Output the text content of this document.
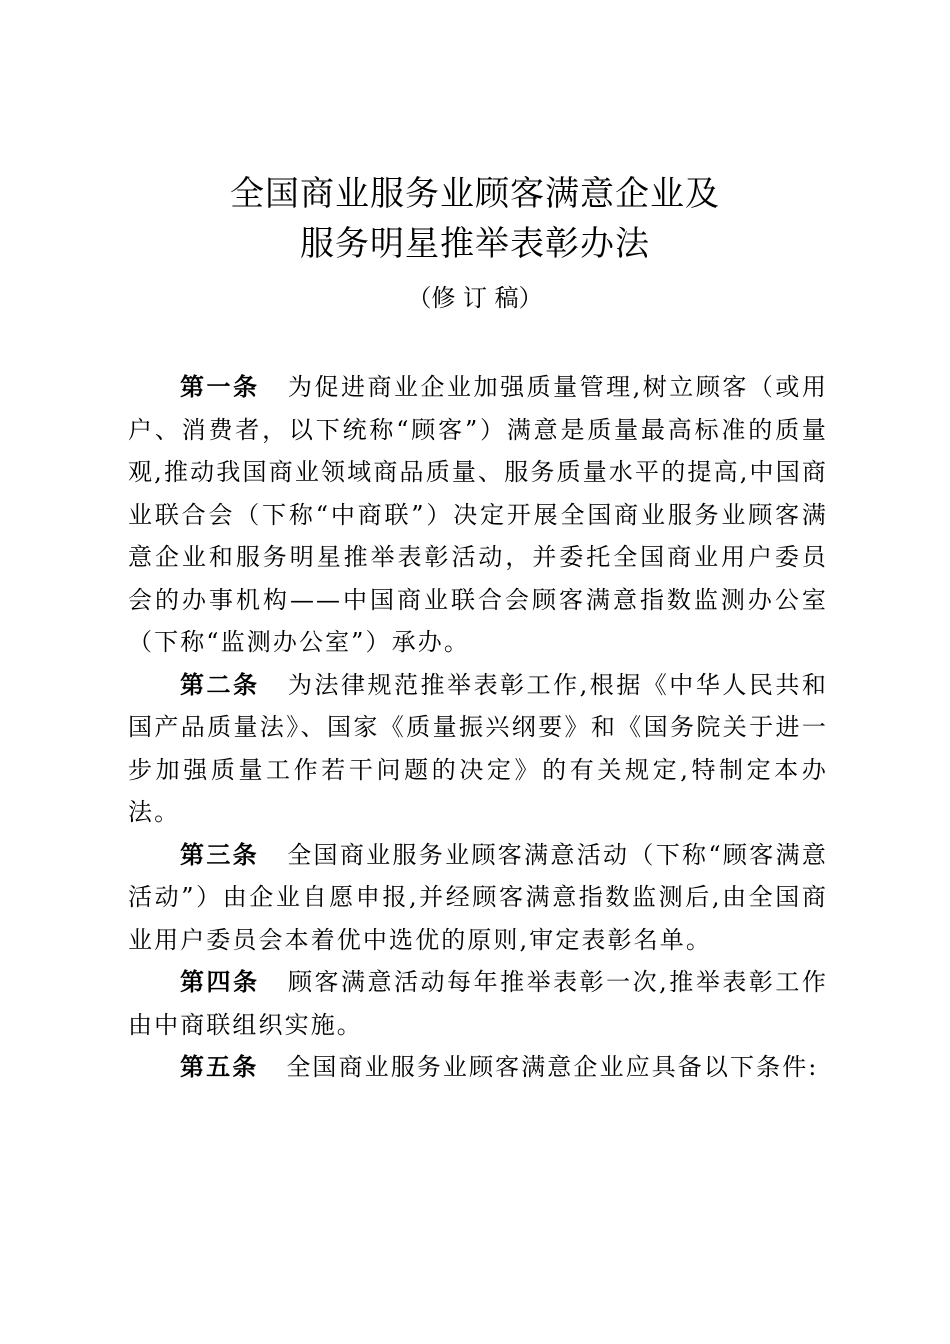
全国商业服务业顾客满意企业及
服务明星推举表彰办法
（修 订 稿）

第一条 为促进商业企业加强质量管理,树立顾客（或用户、消费者，以下统称“顾客”）满意是质量最高标准的质量观,推动我国商业领域商品质量、服务质量水平的提高,中国商业联合会（下称“中商联”）决定开展全国商业服务业顾客满意企业和服务明星推举表彰活动，并委托全国商业用户委员会的办事机构——中国商业联合会顾客满意指数监测办公室（下称“监测办公室”）承办。

第二条 为法律规范推举表彰工作,根据《中华人民共和国产品质量法》、国家《质量振兴纲要》和《国务院关于进一步加强质量工作若干问题的决定》的有关规定,特制定本办法。

第三条 全国商业服务业顾客满意活动（下称“顾客满意活动”）由企业自愿申报,并经顾客满意指数监测后,由全国商业用户委员会本着优中选优的原则,审定表彰名单。

第四条 顾客满意活动每年推举表彰一次,推举表彰工作由中商联组织实施。

第五条 全国商业服务业顾客满意企业应具备以下条件:
